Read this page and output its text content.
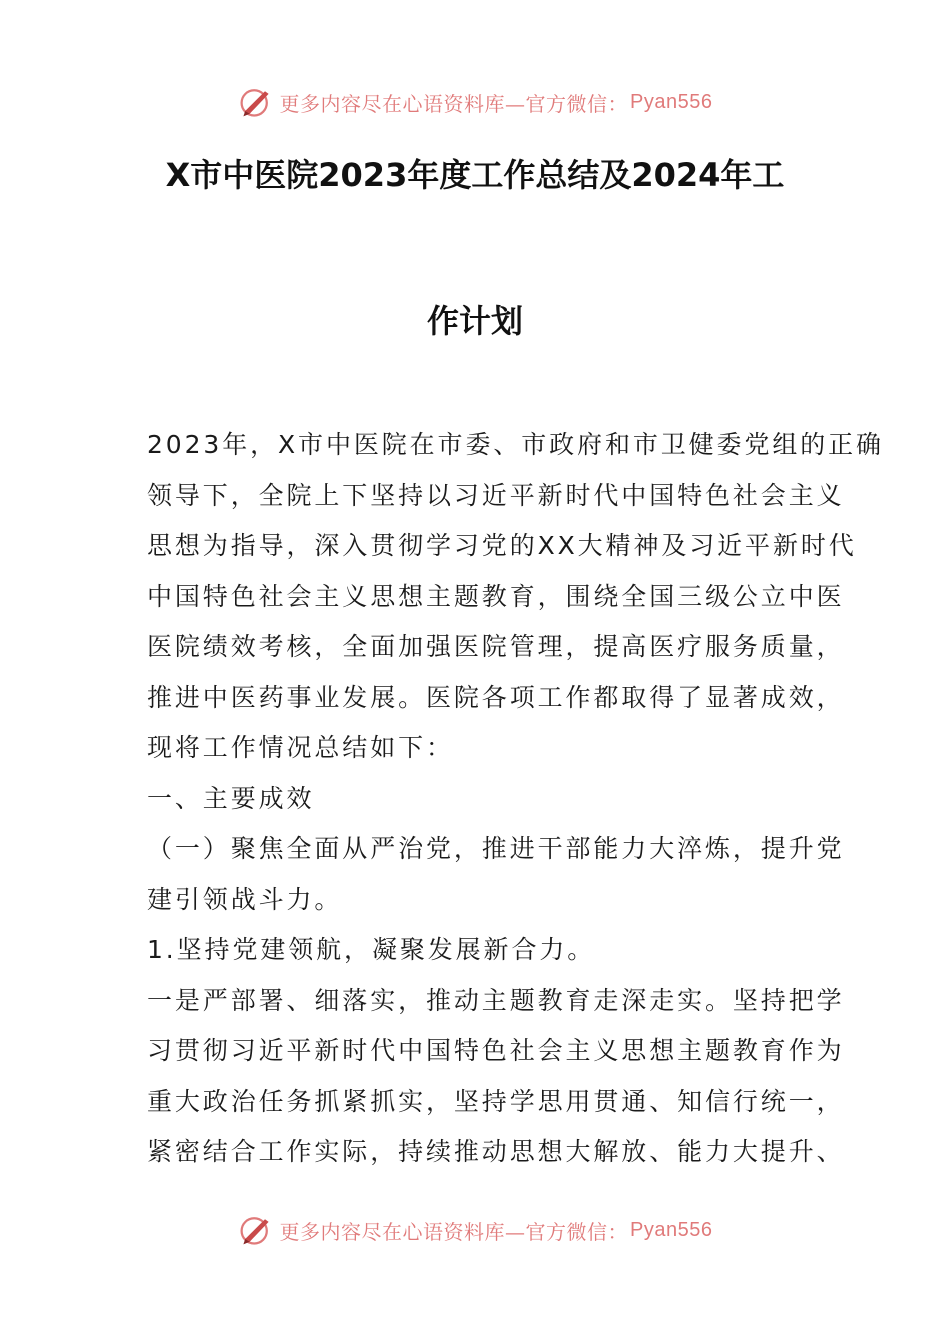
更多内容尽在心语资料库—官方微信： Pyan556
X市中医院2023年度工作总结及2024年工
作计划
2023年，X市中医院在市委、市政府和市卫健委党组的正确
领导下，全院上下坚持以习近平新时代中国特色社会主义
思想为指导，深入贯彻学习党的XX大精神及习近平新时代
中国特色社会主义思想主题教育，围绕全国三级公立中医
医院绩效考核，全面加强医院管理，提高医疗服务质量，
推进中医药事业发展。医院各项工作都取得了显著成效，
现将工作情况总结如下：
一、主要成效
（一）聚焦全面从严治党，推进干部能力大淬炼，提升党
建引领战斗力。
1.坚持党建领航，凝聚发展新合力。
一是严部署、细落实，推动主题教育走深走实。坚持把学
习贯彻习近平新时代中国特色社会主义思想主题教育作为
重大政治任务抓紧抓实，坚持学思用贯通、知信行统一，
紧密结合工作实际，持续推动思想大解放、能力大提升、
更多内容尽在心语资料库—官方微信： Pyan556
